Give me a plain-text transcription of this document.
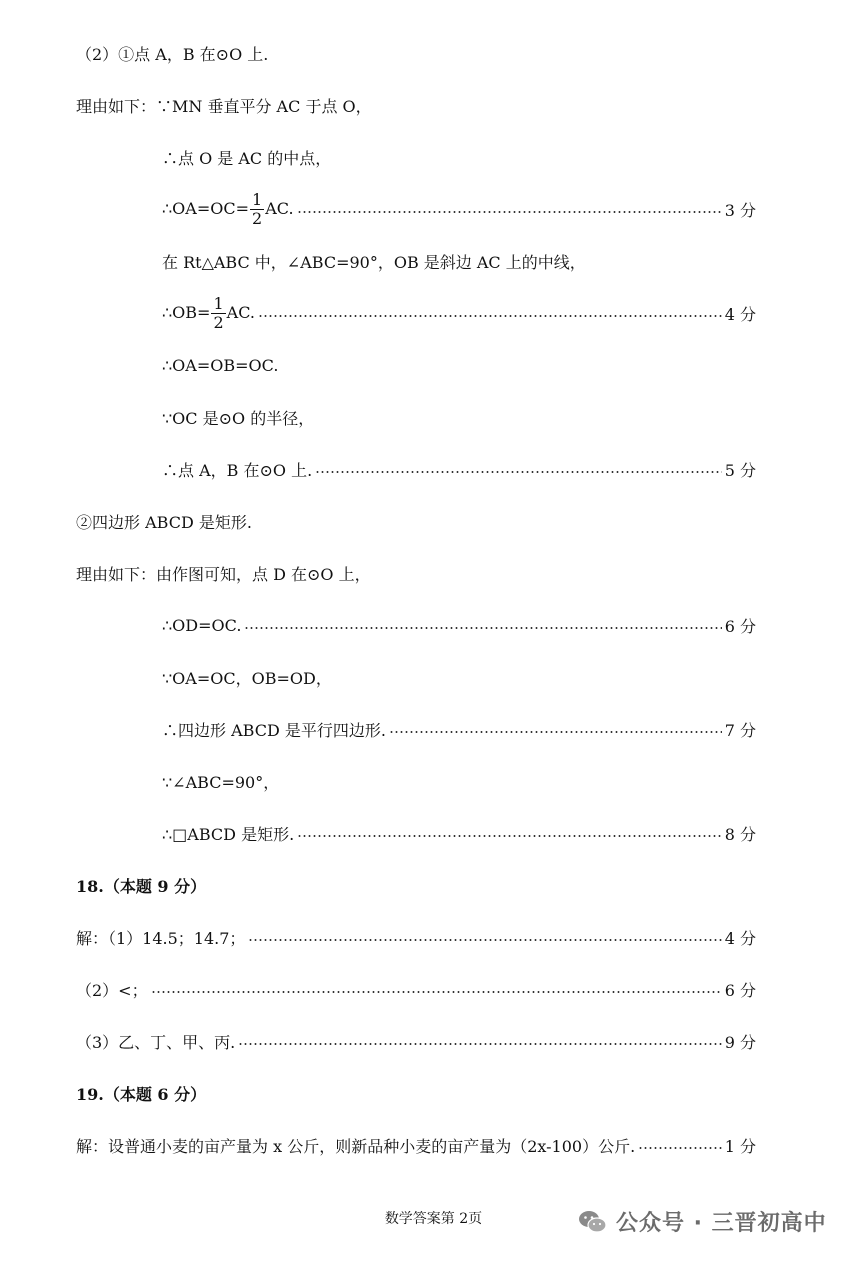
（2）①点 A，B 在⊙O 上.
理由如下：∵MN 垂直平分 AC 于点 O，
∴点 O 是 AC 的中点，
∴OA=OC= $\frac{1}{2}$ AC.	3 分
在 Rt△ABC 中，∠ABC=90°，OB 是斜边 AC 上的中线，
∴OB= $\frac{1}{2}$ AC.	4 分
∴OA=OB=OC.
∵OC 是⊙O 的半径，
∴点 A，B 在⊙O 上.	5 分
②四边形 ABCD 是矩形.
理由如下：由作图可知，点 D 在⊙O 上，
∴OD=OC.	6 分
∵OA=OC，OB=OD，
∴四边形 ABCD 是平行四边形.	7 分
∵∠ABC=90°，
∴□ABCD 是矩形.	8 分
18.（本题 9 分）
解：（1）14.5；14.7；	4 分
（2）<；	6 分
（3）乙、丁、甲、丙.	9 分
19.（本题 6 分）
解：设普通小麦的亩产量为 x 公斤，则新品种小麦的亩产量为（2x-100）公斤.	1 分
数学答案第 2页	公众号 · 三晋初高中
